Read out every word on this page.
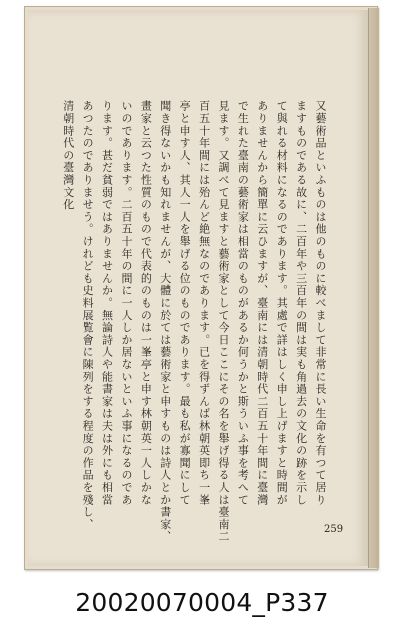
又藝術品といふものは他のものに較べまして非常に長い生命を有つて居り
ますものである故に、二百年や三百年の間は実も角過去の文化の跡を示し
て與れる材料になるのであります。其處で詳はしく申し上げますと時間が
ありませんから簡單に云ひますが、臺南には清朝時代二百五十年間に臺灣
で生れた臺南の藝術家は相當のものがあるか何うかと斯ういふ事を考へて
見ます。又調べて見ますと藝術家として今日ここにその名を舉げ得る人は臺南二
百五十年間には殆んど絶無なのであります。已を得ずんば林朝英即ち一峯
亭と申す人、其人一人を舉げる位のものであります。最も私が寡聞にして
聞き得ないかも知れませんが、大體に於ては藝術家と申すものは詩人とか書家、
畫家と云つた性質のもので代表的のものは一峯亭と申す林朝英一人しかな
いのであります。二百五十年の間に一人しか居ないといふ事になるのであ
ります。甚だ貧弱ではありませんか。無論詩人や能書家は夫は外にも相當
あつたのでありませう。けれども史料展覧會に陳列をする程度の作品を殘し、
清朝時代の臺灣文化
259
20020070004_P337
